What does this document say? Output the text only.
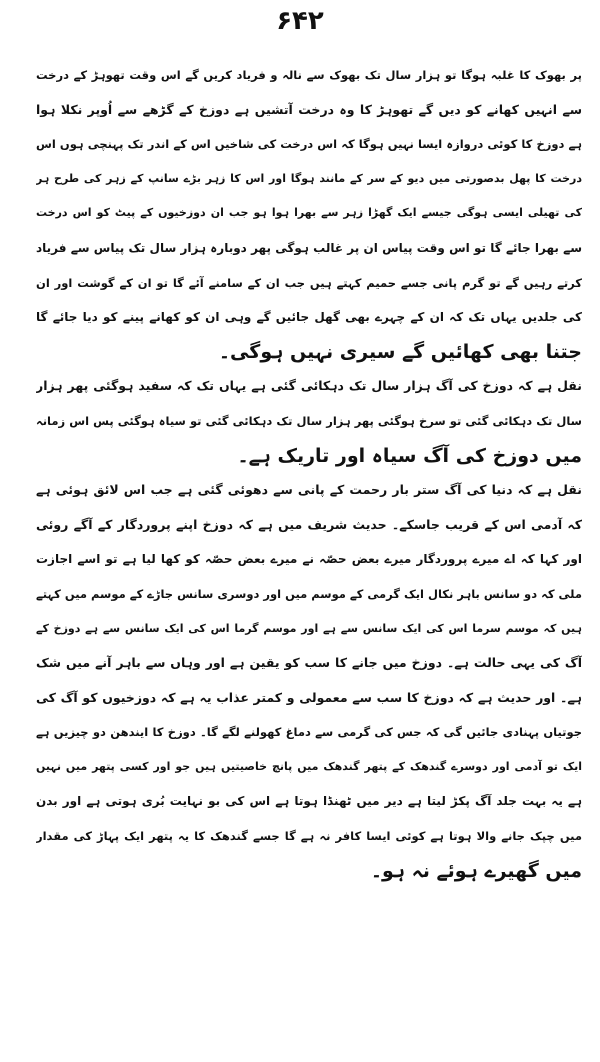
۶۴۲
پر بھوک کا غلبہ ہوگا تو ہزار سال تک بھوک سے نالہ و فریاد کریں گے اس وقت تھوہڑ کے درخت
سے انہیں کھانے کو دیں گے تھوہڑ کا وہ درخت آتشیں ہے دوزخ کے گڑھے سے اُوپر نکلا ہوا
ہے دوزخ کا کوئی دروازہ ایسا نہیں ہوگا کہ اس درخت کی شاخیں اس کے اندر تک پہنچی ہوں اس
درخت کا پھل بدصورتی میں دیو کے سر کے مانند ہوگا اور اس کا زہر بڑے سانپ کے زہر کی طرح ہر
کی تھیلی ایسی ہوگی جیسے ایک گھڑا زہر سے بھرا ہوا ہو جب ان دوزخیوں کے پیٹ کو اس درخت
سے بھرا جائے گا تو اس وقت پیاس ان پر غالب ہوگی پھر دوبارہ ہزار سال تک پیاس سے فریاد
کرتے رہیں گے تو گرم پانی جسے حمیم کہتے ہیں جب ان کے سامنے آئے گا تو ان کے گوشت اور ان
کی جلدیں یہاں تک کہ ان کے چہرے بھی گھل جائیں گے وہی ان کو کھانے پینے کو دیا جائے گا
جتنا بھی کھائیں گے سیری نہیں ہوگی۔
نقل ہے کہ دوزخ کی آگ ہزار سال تک دہکائی گئی ہے یہاں تک کہ سفید ہوگئی پھر ہزار
سال تک دہکائی گئی تو سرخ ہوگئی پھر ہزار سال تک دہکائی گئی تو سیاہ ہوگئی پس اس زمانہ
میں دوزخ کی آگ سیاہ اور تاریک ہے۔
نقل ہے کہ دنیا کی آگ ستر بار رحمت کے پانی سے دھوئی گئی ہے جب اس لائق ہوئی ہے
کہ آدمی اس کے قریب جاسکے۔ حدیث شریف میں ہے کہ دوزخ اپنے پروردگار کے آگے روئی
اور کہا کہ اے میرے پروردگار میرے بعض حصّہ نے میرے بعض حصّہ کو کھا لیا ہے تو اسے اجازت
ملی کہ دو سانس باہر نکال ایک گرمی کے موسم میں اور دوسری سانس جاڑے کے موسم میں کہتے
ہیں کہ موسم سرما اس کی ایک سانس سے ہے اور موسم گرما اس کی ایک سانس سے ہے دوزخ کے
آگ کی یہی حالت ہے۔ دوزخ میں جانے کا سب کو یقین ہے اور وہاں سے باہر آنے میں شک
ہے۔ اور حدیث ہے کہ دوزخ کا سب سے معمولی و کمتر عذاب یہ ہے کہ دوزخیوں کو آگ کی
جوتیاں پہنادی جائیں گی کہ جس کی گرمی سے دماغ کھولنے لگے گا۔ دوزخ کا ایندھن دو چیزیں ہے
ایک تو آدمی اور دوسرے گندھک کے پتھر گندھک میں پانچ خاصیتیں ہیں جو اور کسی پتھر میں نہیں
ہے یہ بہت جلد آگ پکڑ لیتا ہے دیر میں ٹھنڈا ہوتا ہے اس کی بو نہایت بُری ہوتی ہے اور بدن
میں چپک جانے والا ہوتا ہے کوئی ایسا کافر نہ ہے گا جسے گندھک کا یہ پتھر ایک پہاڑ کی مقدار
میں گھیرے ہوئے نہ ہو۔
